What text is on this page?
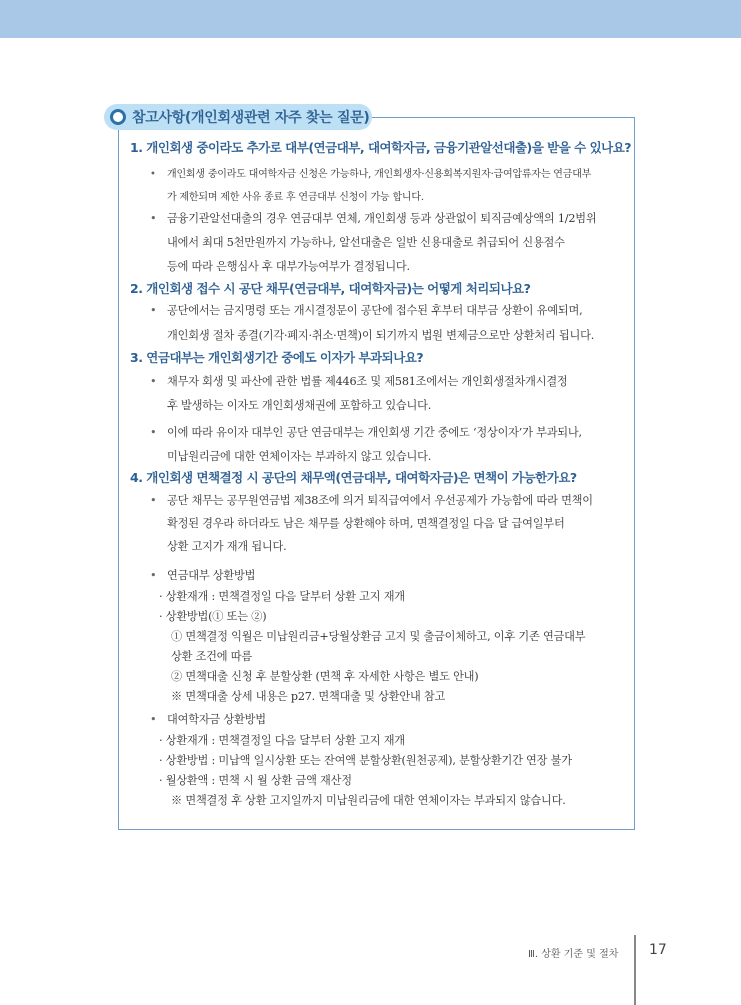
참고사항(개인회생관련 자주 찾는 질문)

1. 개인회생 중이라도 추가로 대부(연금대부, 대여학자금, 금융기관알선대출)을 받을 수 있나요?

• 개인회생 중이라도 대여학자금 신청은 가능하나, 개인회생자·신용회복지원자·급여압류자는 연금대부
가 제한되며 제한 사유 종료 후 연금대부 신청이 가능 합니다.
• 금융기관알선대출의 경우 연금대부 연체, 개인회생 등과 상관없이 퇴직금예상액의 1/2범위
내에서 최대 5천만원까지 가능하나, 알선대출은 일반 신용대출로 취급되어 신용점수
등에 따라 은행심사 후 대부가능여부가 결정됩니다.

2. 개인회생 접수 시 공단 채무(연금대부, 대여학자금)는 어떻게 처리되나요?

• 공단에서는 금지명령 또는 개시결정문이 공단에 접수된 후부터 대부금 상환이 유예되며,
개인회생 절차 종결(기각·폐지·취소·면책)이 되기까지 법원 변제금으로만 상환처리 됩니다.

3. 연금대부는 개인회생기간 중에도 이자가 부과되나요?

• 채무자 회생 및 파산에 관한 법률 제446조 및 제581조에서는 개인회생절차개시결정
후 발생하는 이자도 개인회생채권에 포함하고 있습니다.
• 이에 따라 유이자 대부인 공단 연금대부는 개인회생 기간 중에도 ‘정상이자’가 부과되나,
미납원리금에 대한 연체이자는 부과하지 않고 있습니다.

4. 개인회생 면책결정 시 공단의 채무액(연금대부, 대여학자금)은 면책이 가능한가요?

• 공단 채무는 공무원연금법 제38조에 의거 퇴직급여에서 우선공제가 가능함에 따라 면책이
확정된 경우라 하더라도 남은 채무를 상환해야 하며, 면책결정일 다음 달 급여일부터
상환 고지가 재개 됩니다.
• 연금대부 상환방법
· 상환재개 : 면책결정일 다음 달부터 상환 고지 재개
· 상환방법(① 또는 ②)
① 면책결정 익월은 미납원리금+당월상환금 고지 및 출금이체하고, 이후 기존 연금대부
상환 조건에 따름
② 면책대출 신청 후 분할상환 (면책 후 자세한 사항은 별도 안내)
※ 면책대출 상세 내용은 p27. 면책대출 및 상환안내 참고
• 대여학자금 상환방법
· 상환재개 : 면책결정일 다음 달부터 상환 고지 재개
· 상환방법 : 미납액 일시상환 또는 잔여액 분할상환(원천공제), 분할상환기간 연장 불가
· 월상환액 : 면책 시 월 상환 금액 재산정
※ 면책결정 후 상환 고지일까지 미납원리금에 대한 연체이자는 부과되지 않습니다.
Ⅲ. 상환 기준 및 절차 17
